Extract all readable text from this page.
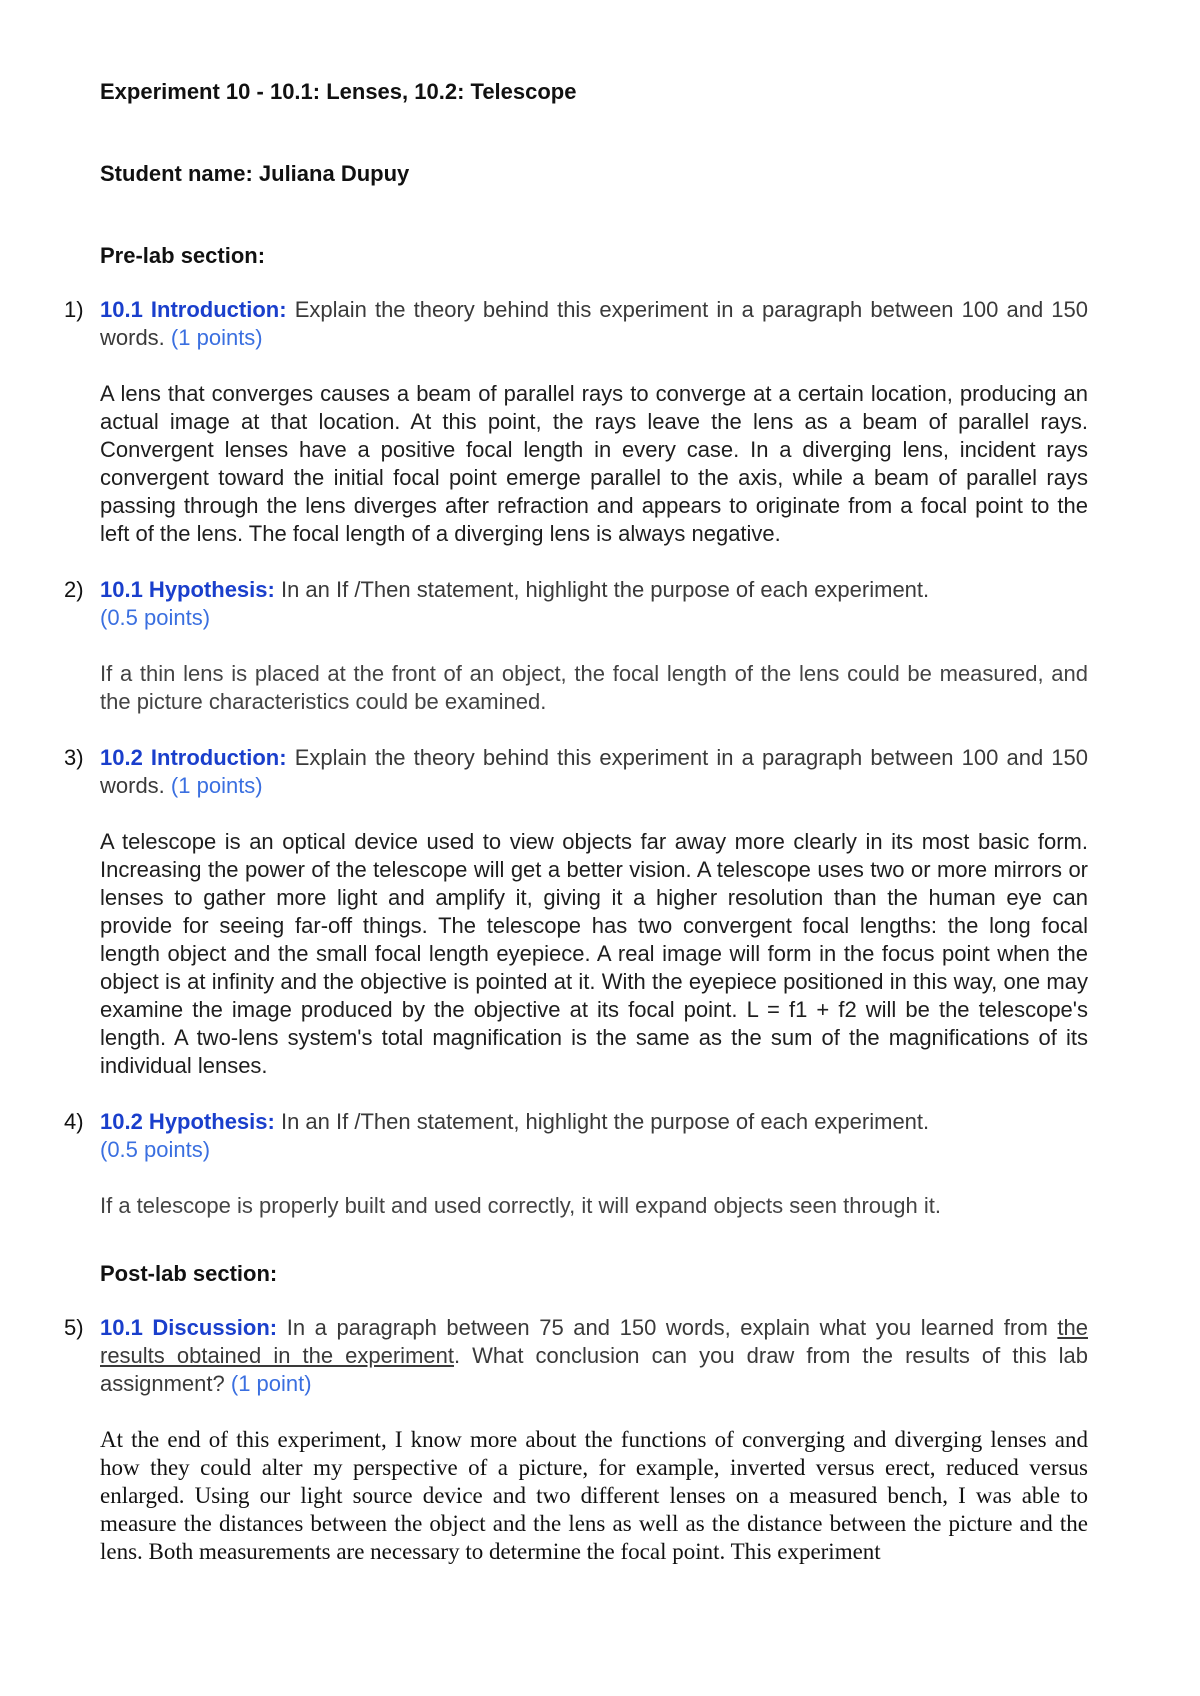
Experiment 10 - 10.1: Lenses, 10.2: Telescope

Student name: Juliana Dupuy

Pre-lab section:

1) 10.1 Introduction: Explain the theory behind this experiment in a paragraph between 100 and 150 words. (1 points)

A lens that converges causes a beam of parallel rays to converge at a certain location, producing an actual image at that location. At this point, the rays leave the lens as a beam of parallel rays. Convergent lenses have a positive focal length in every case. In a diverging lens, incident rays convergent toward the initial focal point emerge parallel to the axis, while a beam of parallel rays passing through the lens diverges after refraction and appears to originate from a focal point to the left of the lens. The focal length of a diverging lens is always negative.

2) 10.1 Hypothesis: In an If /Then statement, highlight the purpose of each experiment.
(0.5 points)

If a thin lens is placed at the front of an object, the focal length of the lens could be measured, and the picture characteristics could be examined.

3) 10.2 Introduction: Explain the theory behind this experiment in a paragraph between 100 and 150 words. (1 points)

A telescope is an optical device used to view objects far away more clearly in its most basic form. Increasing the power of the telescope will get a better vision. A telescope uses two or more mirrors or lenses to gather more light and amplify it, giving it a higher resolution than the human eye can provide for seeing far-off things. The telescope has two convergent focal lengths: the long focal length object and the small focal length eyepiece. A real image will form in the focus point when the object is at infinity and the objective is pointed at it. With the eyepiece positioned in this way, one may examine the image produced by the objective at its focal point. L = f1 + f2 will be the telescope's length. A two-lens system's total magnification is the same as the sum of the magnifications of its individual lenses.

4) 10.2 Hypothesis: In an If /Then statement, highlight the purpose of each experiment.
(0.5 points)

If a telescope is properly built and used correctly, it will expand objects seen through it.

Post-lab section:

5) 10.1 Discussion: In a paragraph between 75 and 150 words, explain what you learned from the results obtained in the experiment. What conclusion can you draw from the results of this lab assignment? (1 point)

At the end of this experiment, I know more about the functions of converging and diverging lenses and how they could alter my perspective of a picture, for example, inverted versus erect, reduced versus enlarged. Using our light source device and two different lenses on a measured bench, I was able to measure the distances between the object and the lens as well as the distance between the picture and the lens. Both measurements are necessary to determine the focal point. This experiment
